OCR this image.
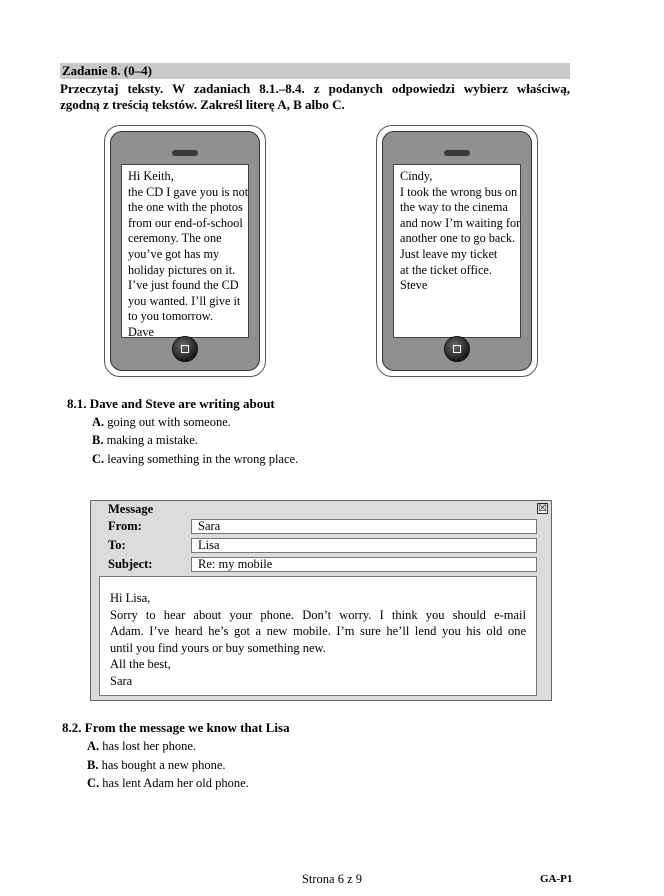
Zadanie 8. (0–4)
Przeczytaj teksty. W zadaniach 8.1.–8.4. z podanych odpowiedzi wybierz właściwą,
zgodną z treścią tekstów. Zakreśl literę A, B albo C.
Hi Keith,
the CD I gave you is not
the one with the photos
from our end-of-school
ceremony. The one
you’ve got has my
holiday pictures on it.
I’ve just found the CD
you wanted. I’ll give it
to you tomorrow.
Dave
Cindy,
I took the wrong bus on
the way to the cinema
and now I’m waiting for
another one to go back.
Just leave my ticket
at the ticket office.
Steve
8.1. Dave and Steve are writing about
A. going out with someone.
B. making a mistake.
C. leaving something in the wrong place.
Message	☒
From:	Sara
To:	Lisa
Subject:	Re: my mobile
Hi Lisa,
Sorry to hear about your phone. Don’t worry. I think you should e-mail
Adam. I’ve heard he’s got a new mobile. I’m sure he’ll lend you his old one
until you find yours or buy something new.
All the best,
Sara
8.2. From the message we know that Lisa
A. has lost her phone.
B. has bought a new phone.
C. has lent Adam her old phone.
Strona 6 z 9	GA-P1
